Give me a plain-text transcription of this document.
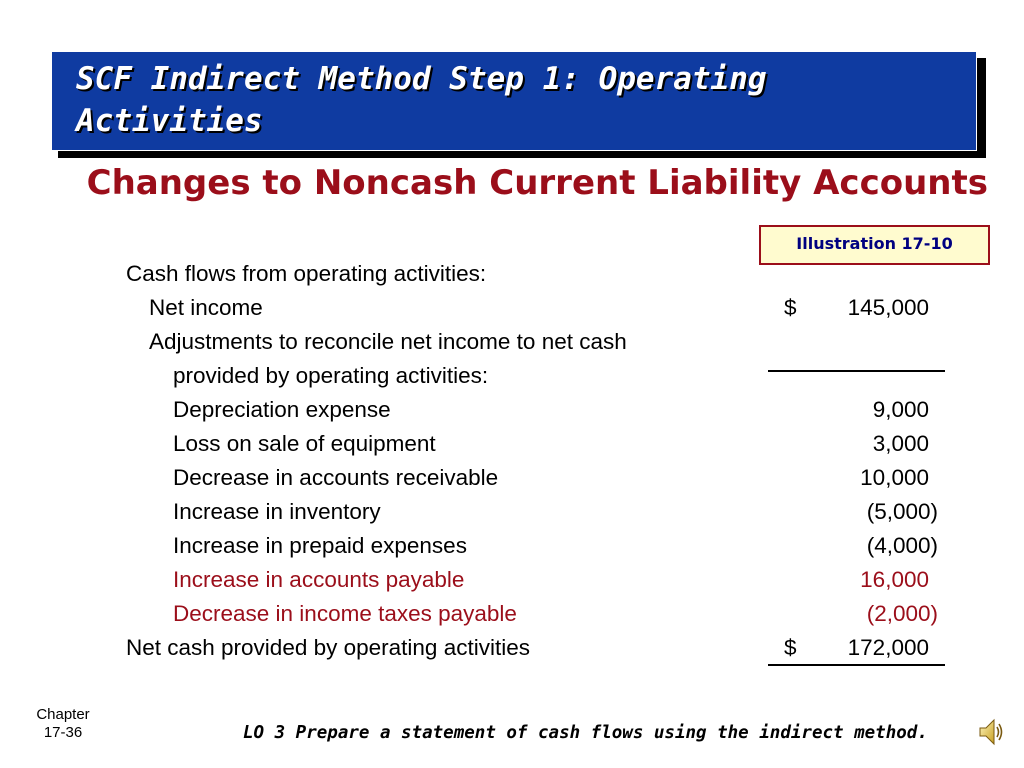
SCF Indirect Method Step 1: Operating
Activities

Changes to Noncash Current Liability Accounts
Illustration 17-10
Cash flows from operating activities:
Net income	$ 145,000
Adjustments to reconcile net income to net cash
provided by operating activities:
Depreciation expense	9,000
Loss on sale of equipment	3,000
Decrease in accounts receivable	10,000
Increase in inventory	(5,000)
Increase in prepaid expenses	(4,000)
Increase in accounts payable	16,000
Decrease in income taxes payable	(2,000)
Net cash provided by operating activities	$ 172,000
Chapter
17-36	LO 3 Prepare a statement of cash flows using the indirect method.
